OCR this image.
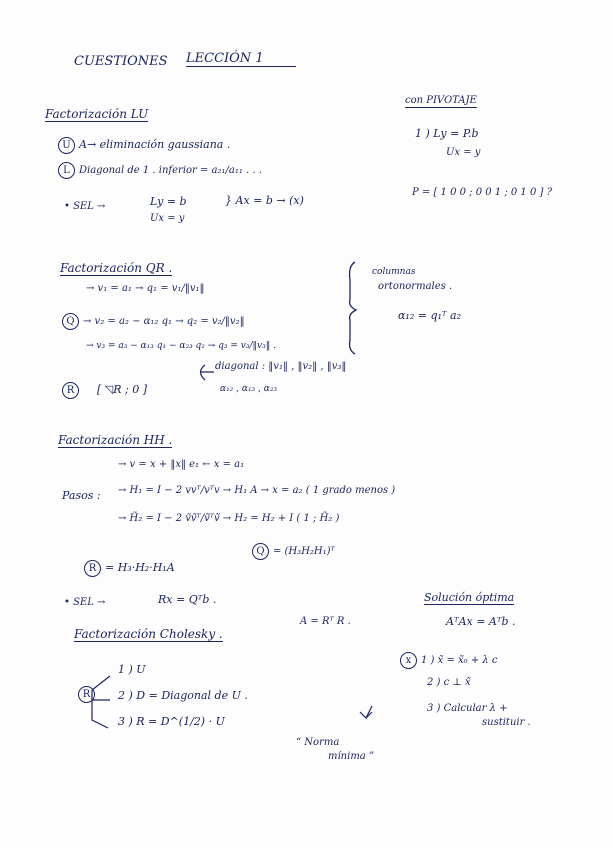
CUESTIONES LECCIÓN 1
Factorización LU
con PIVOTAJE
U A→ eliminación gaussiana .
L Diagonal de 1 . inferior = a₂₁/a₁₁ . . .
• SEL →	Ly = b
Ux = y
} Ax = b → (x)
1 ) Ly = P.b
Ux = y
P = [ 1 0 0 ; 0 0 1 ; 0 1 0 ] ?
Factorización QR .
→ v₁ = a₁ → q₁ = v₁/‖v₁‖
Q → v₂ = a₂ − α₁₂ q₁ → q₂ = v₂/‖v₂‖
→ v₃ = a₃ − α₁₃ q₁ − α₂₃ q₂ → q₃ = v₃/‖v₃‖ .
columnas
ortonormales .
α₁₂ = q₁ᵀ a₂
R [ ◹R ; 0 ]
diagonal : ‖v₁‖ , ‖v₂‖ , ‖v₃‖
α₁₂ , α₁₃ , α₂₃
Factorización HH .
→ v = x + ‖x‖ e₁ ← x = a₁
Pasos : → H₁ = I − 2 vvᵀ/vᵀv → H₁ A → x = a₂ ( 1 grado menos )
→ H̃₂ = I − 2 ṽṽᵀ/ṽᵀṽ → H₂ = H₂ + I ( 1 ; H̃₂ )
R = H₃·H₂·H₁A
Q = (H₃H₂H₁)ᵀ
• SEL →	Rx = Qᵀb .
Factorización Cholesky .
A = Rᵀ R .
R
1 ) U
2 ) D = Diagonal de U .
3 ) R = D^(1/2) · U
Solución óptima
AᵀAx = Aᵀb .
x 1 ) x̃ = x̃₀ + λ c
2 ) c ⊥ x̃
3 ) Calcular λ +
sustituir .
“ Norma
mínima ”
